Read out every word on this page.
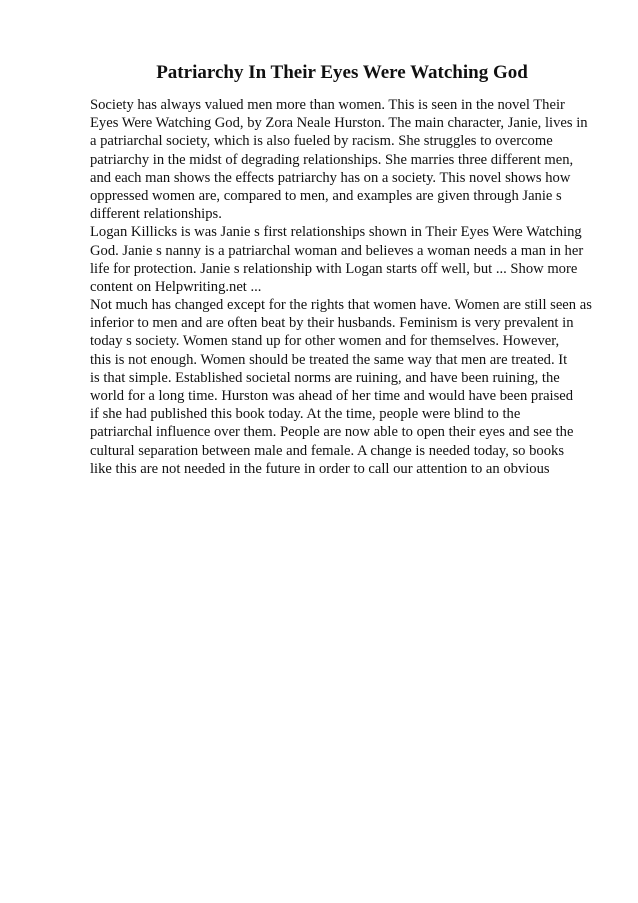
Patriarchy In Their Eyes Were Watching God
Society has always valued men more than women. This is seen in the novel Their
Eyes Were Watching God, by Zora Neale Hurston. The main character, Janie, lives in
a patriarchal society, which is also fueled by racism. She struggles to overcome
patriarchy in the midst of degrading relationships. She marries three different men,
and each man shows the effects patriarchy has on a society. This novel shows how
oppressed women are, compared to men, and examples are given through Janie s
different relationships.
Logan Killicks is was Janie s first relationships shown in Their Eyes Were Watching
God. Janie s nanny is a patriarchal woman and believes a woman needs a man in her
life for protection. Janie s relationship with Logan starts off well, but ... Show more
content on Helpwriting.net ...
Not much has changed except for the rights that women have. Women are still seen as
inferior to men and are often beat by their husbands. Feminism is very prevalent in
today s society. Women stand up for other women and for themselves. However,
this is not enough. Women should be treated the same way that men are treated. It
is that simple. Established societal norms are ruining, and have been ruining, the
world for a long time. Hurston was ahead of her time and would have been praised
if she had published this book today. At the time, people were blind to the
patriarchal influence over them. People are now able to open their eyes and see the
cultural separation between male and female. A change is needed today, so books
like this are not needed in the future in order to call our attention to an obvious
